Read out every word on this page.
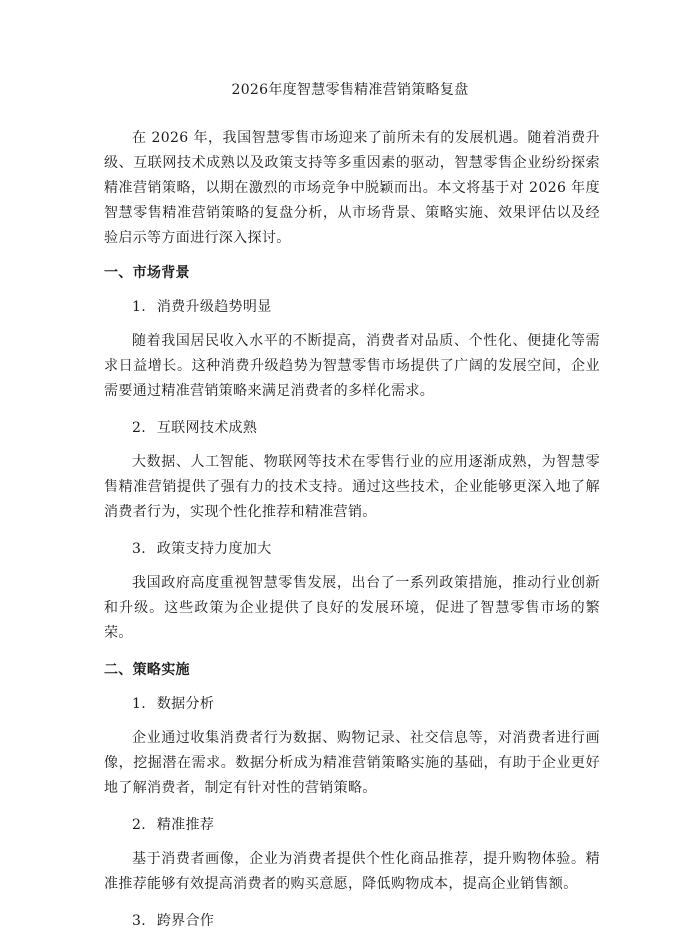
2026年度智慧零售精准营销策略复盘

在 2026 年，我国智慧零售市场迎来了前所未有的发展机遇。随着消费升级、互联网技术成熟以及政策支持等多重因素的驱动，智慧零售企业纷纷探索精准营销策略，以期在激烈的市场竞争中脱颖而出。本文将基于对 2026 年度智慧零售精准营销策略的复盘分析，从市场背景、策略实施、效果评估以及经验启示等方面进行深入探讨。

一、市场背景
1. 消费升级趋势明显

随着我国居民收入水平的不断提高，消费者对品质、个性化、便捷化等需求日益增长。这种消费升级趋势为智慧零售市场提供了广阔的发展空间，企业需要通过精准营销策略来满足消费者的多样化需求。

2. 互联网技术成熟

大数据、人工智能、物联网等技术在零售行业的应用逐渐成熟，为智慧零售精准营销提供了强有力的技术支持。通过这些技术，企业能够更深入地了解消费者行为，实现个性化推荐和精准营销。

3. 政策支持力度加大

我国政府高度重视智慧零售发展，出台了一系列政策措施，推动行业创新和升级。这些政策为企业提供了良好的发展环境，促进了智慧零售市场的繁荣。

二、策略实施
1. 数据分析

企业通过收集消费者行为数据、购物记录、社交信息等，对消费者进行画像，挖掘潜在需求。数据分析成为精准营销策略实施的基础，有助于企业更好地了解消费者，制定有针对性的营销策略。

2. 精准推荐

基于消费者画像，企业为消费者提供个性化商品推荐，提升购物体验。精准推荐能够有效提高消费者的购买意愿，降低购物成本，提高企业销售额。

3. 跨界合作
